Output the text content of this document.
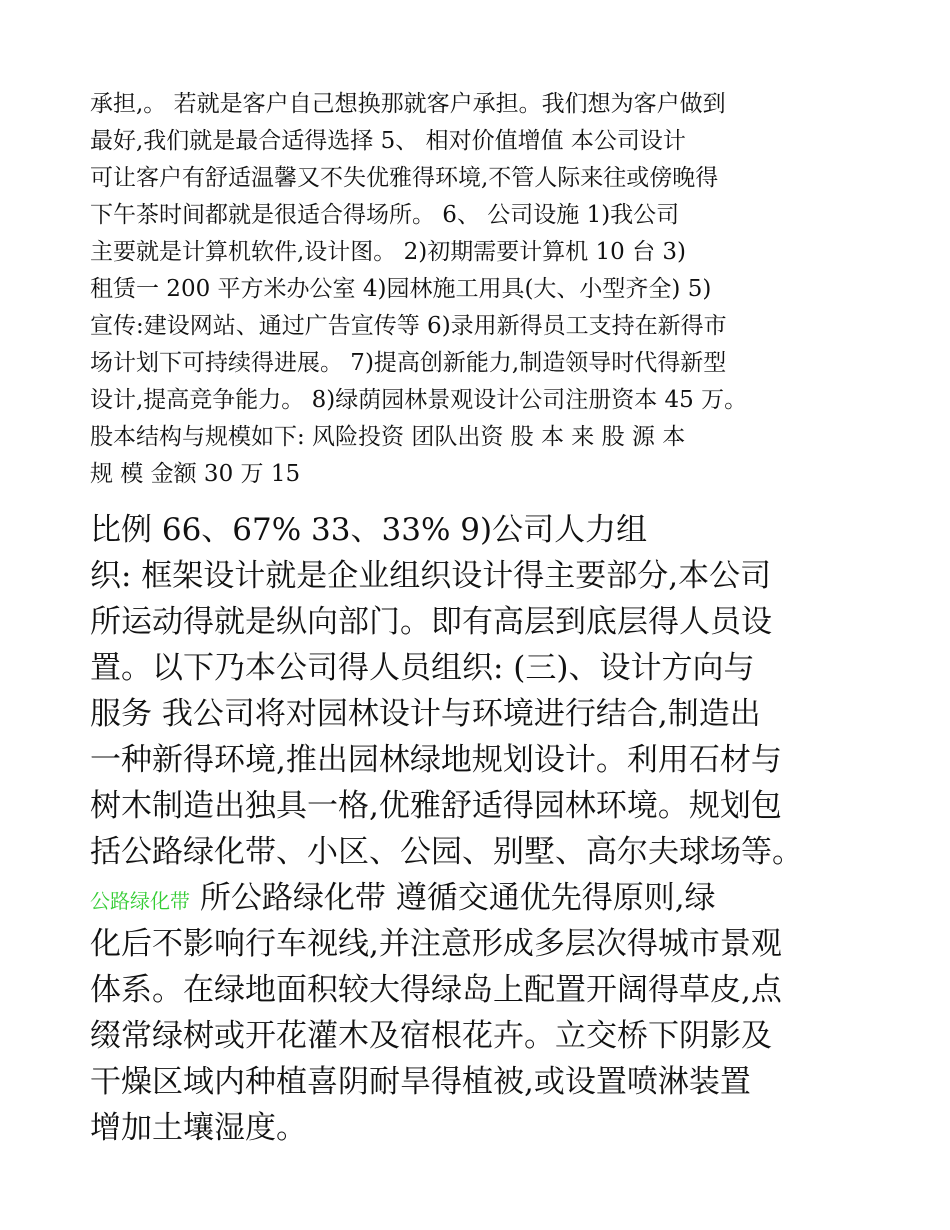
承担,。 若就是客户自己想换那就客户承担。我们想为客户做到
最好,我们就是最合适得选择 5、 相对价值增值 本公司设计
可让客户有舒适温馨又不失优雅得环境,不管人际来往或傍晚得
下午茶时间都就是很适合得场所。 6、 公司设施 1)我公司
主要就是计算机软件,设计图。 2)初期需要计算机 10 台 3)
租赁一 200 平方米办公室 4)园林施工用具(大、小型齐全) 5)
宣传:建设网站、通过广告宣传等 6)录用新得员工支持在新得市
场计划下可持续得进展。 7)提高创新能力,制造领导时代得新型
设计,提高竞争能力。 8)绿荫园林景观设计公司注册资本 45 万。
股本结构与规模如下: 风险投资 团队出资 股 本 来 股 源 本
规 模 金额 30 万 15
比例 66、67% 33、33% 9)公司人力组
织: 框架设计就是企业组织设计得主要部分,本公司
所运动得就是纵向部门。即有高层到底层得人员设
置。以下乃本公司得人员组织: (三)、设计方向与
服务 我公司将对园林设计与环境进行结合,制造出
一种新得环境,推出园林绿地规划设计。利用石材与
树木制造出独具一格,优雅舒适得园林环境。规划包
括公路绿化带、小区、公园、别墅、高尔夫球场等。
公路绿化带 所公路绿化带 遵循交通优先得原则,绿
化后不影响行车视线,并注意形成多层次得城市景观
体系。在绿地面积较大得绿岛上配置开阔得草皮,点
缀常绿树或开花灌木及宿根花卉。立交桥下阴影及
干燥区域内种植喜阴耐旱得植被,或设置喷淋装置
增加土壤湿度。
